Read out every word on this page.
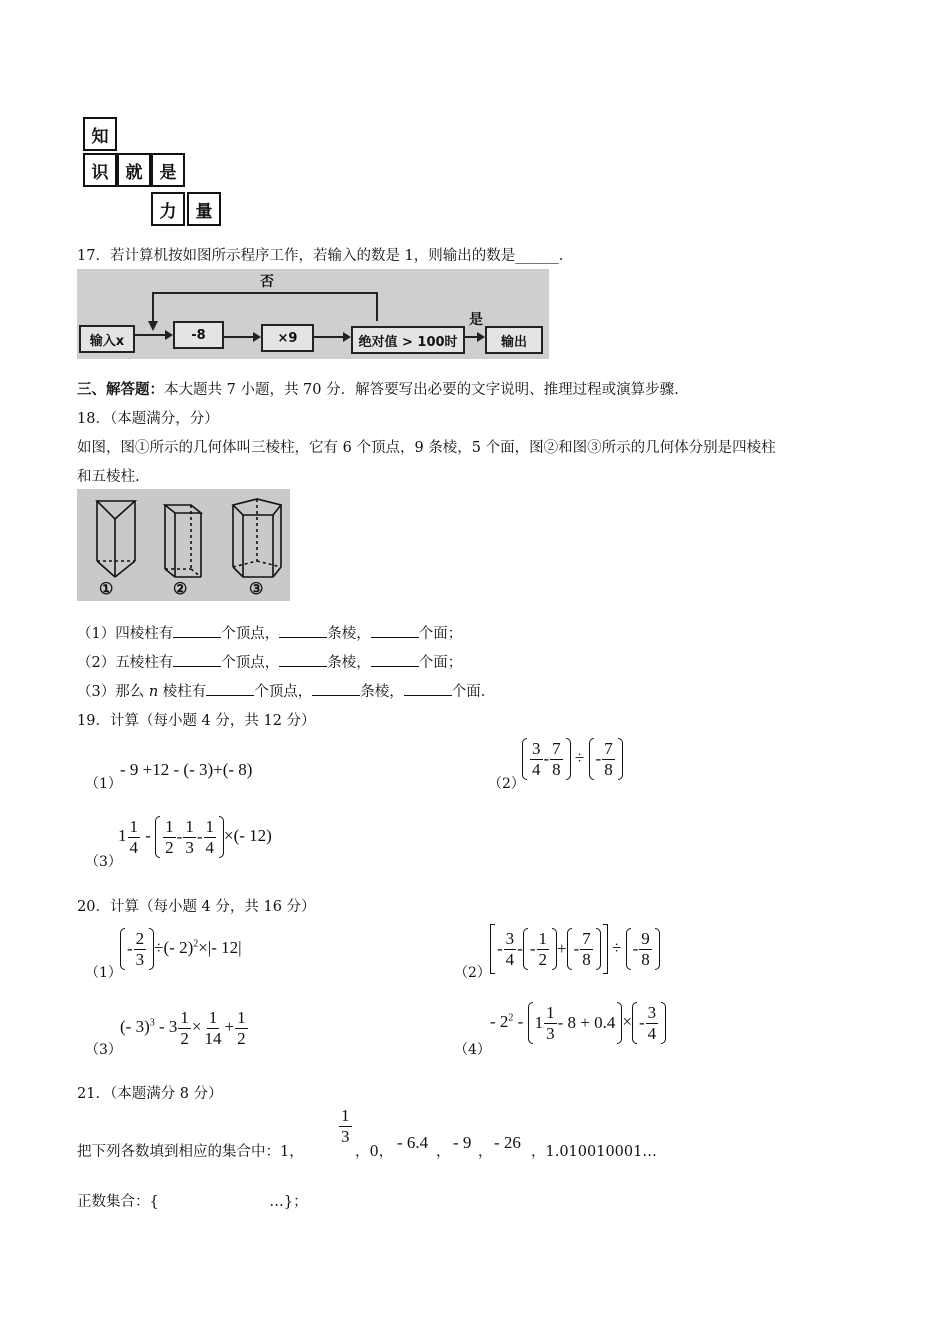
知
识	就	是
力	量
17．若计算机按如图所示程序工作，若输入的数是 1，则输出的数是______.
否
输入x	-8	×9	绝对值 > 100时
是
输出
三、解答题：本大题共 7 小题，共 70 分．解答要写出必要的文字说明、推理过程或演算步骤.
18．（本题满分，分）
如图，图①所示的几何体叫三棱柱，它有 6 个顶点，9 条棱，5 个面，图②和图③所示的几何体分别是四棱柱
和五棱柱.
①	②	③
（1）四棱柱有	个顶点，	条棱，	个面；
（2）五棱柱有	个顶点，	条棱，	个面；
（3）那么 n 棱柱有	个顶点，	条棱，	个面.
19．计算（每小题 4 分，共 12 分）
（1）
- 9 +12 - (- 3)+(- 8)
（2）
$\frac{3}{4} - \frac{7}{8}$ ÷ - $\frac{7}{8}$
（3）
$1 \frac{1}{4} - \frac{1}{2} - \frac{1}{3} - \frac{1}{4}$ ×(- 12)
20．计算（每小题 4 分，共 16 分）
（1）
- $\frac{2}{3}$ ÷(- 2)$^2$×|- 12|
（2）
- $\frac{3}{4}$ - - $\frac{1}{2}$ + - $\frac{7}{8}$ ÷ - $\frac{9}{8}$
（3）
(- $3)^3 - 3 \frac{1}{2} \times \frac{1}{14} + \frac{1}{2}$
（4）
- $2^2 - 1 \frac{1}{3} - 8 + 0.4$ × - $\frac{3}{4}$
21．（本题满分 8 分）
把下列各数填到相应的集合中：1，
$\frac{1}{3}$
，0， - 6.4 ， - 9 ， - 26 ，1.010010001…
正数集合：{                        …}；
